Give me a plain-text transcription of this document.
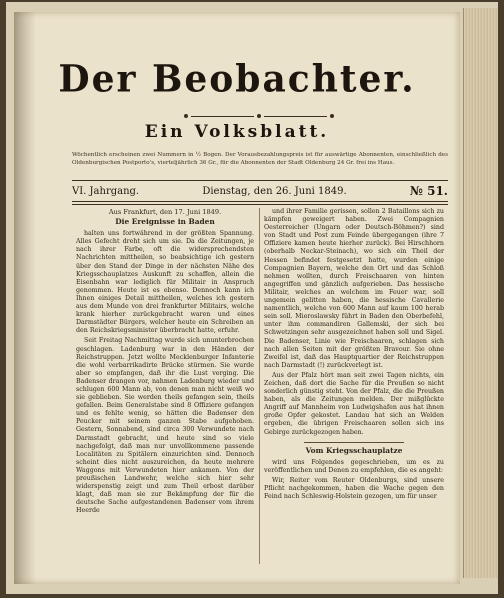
Der Beobachter.
Ein Volksblatt.
Wöchentlich erscheinen zwei Nummern in ½ Bogen. Der Vorausbezahlungspreis ist für auswärtige Abonnenten, einschließlich des Oldenburgischen Postporto's, vierteljährlich 36 Gr., für die Abonnenten der Stadt Oldenburg 24 Gr. frei ins Haus.
VI. Jahrgang.	Dienstag, den 26. Juni 1849.	№ 51.

Aus Frankfurt, den 17. Juni 1849.

Die Ereignisse in Baden

halten uns fortwährend in der größten Spannung. Alles Gefecht dreht sich um sie. Da die Zeitungen, je nach ihrer Farbe, oft die widersprechendsten Nachrichten mittheilen, so beabsichtige ich gestern über den Stand der Dinge in der nächsten Nähe des Kriegsschauplatzes Auskunft zu schaffen, allein die Eisenbahn war lediglich für Militair in Anspruch genommen. Heute ist es ebenso. Dennoch kann ich Ihnen einiges Detail mittheilen, welches ich gestern aus dem Munde von drei frankfurter Militairs, welche krank hierher zurückgebracht waren und eines Darmstädter Bürgers, welcher heute ein Schreiben an den Reichskriegsminister überbracht hatte, erfuhr.

Seit Freitag Nachmittag wurde sich ununterbrochen geschlagen. Ladenburg war in den Händen der Reichstruppen. Jetzt wollte Mecklenburger Infanterie die wohl verbarrikadirte Brücke stürmen. Sie wurde aber so empfangen, daß ihr die Lust verging. Die Badenser drangen vor, nahmen Ladenburg wieder und schlugen 600 Mann ab, von denen man nicht weiß wo sie geblieben. Sie werden theils gefangen sein, theils gefallen. Beim Generalstabe sind 8 Offiziere gefangen und es fehlte wenig, so hätten die Badenser den Peucker mit seinem ganzen Stabe aufgehoben. Gestern, Sonnabend, sind circa 300 Verwundete nach Darmstadt gebracht, und heute sind so viele nachgefolgt, daß man nur unvollkommene passende Localitäten zu Spitälern einzurichten sind. Dennoch scheint dies nicht auszureichen, da heute mehrere Waggons mit Verwundeten hier ankamen. Von der preußischen Landwehr, welche sich hier sehr widerspenstig zeigt und zum Theil erbost darüber klagt, daß man sie zur Bekämpfung der für die deutsche Sache aufgestandenen Badenser vom ihrem Heerde

und ihrer Familie gerissen, sollen 2 Bataillons sich zu kämpfen geweigert haben. Zwei Compagnien Oesterreicher (Ungarn oder Deutsch-Böhmen?) sind von Stadt und Post zum Feinde übergegangen (ihre 7 Offiziere kamen heute hierher zurück). Bei Hirschhorn (oberhalb Neckar-Steinach), wo sich ein Theil der Hessen befindet festgesetzt hatte, wurden einige Compagnien Bayern, welche den Ort und das Schloß nehmen wollten, durch Freischaaren von hinten angegriffen und gänzlich aufgerieben. Das hessische Militair, welches an welchem im Feuer war, soll ungemein gelitten haben, die hessische Cavallerie namentlich, welche von 600 Mann auf kaum 100 herab sein soll. Mieroslawsky führt in Baden den Oberbefehl, unter ihm commandiren Gallemski, der sich bei Schwetzingen sehr ausgezeichnet haben soll und Sigel. Die Badenser, Linie wie Freischaaren, schlagen sich nach allen Seiten mit der größten Bravour. Sie ohne Zweifel ist, daß das Hauptquartier der Reichstruppen nach Darmstadt (!) zurückverlegt ist.

Aus der Pfalz hört man seit zwei Tagen nichts, ein Zeichen, daß dort die Sache für die Preußen so nicht sonderlich günstig steht. Von der Pfalz, die die Preußen haben, als die Zeitungen melden. Der mißglückte Angriff auf Mannheim von Ludwigshafen aus hat ihnen große Opfer gekostet. Landau hat sich an Welden ergeben, die übrigen Freischaaren sollen sich ins Gebirge zurückgezogen haben.

Vom Kriegsschauplatze

wird uns Folgendes gegeschrieben, um es zu veröffentlichen und Denen zu empfehlen, die es angeht:

Wir, Reiter vom Reuter Oldenburgs, sind unsere Pflicht nachgekommen, haben die Wache gegen den Feind nach Schleswig-Holstein gezogen, um für unser
